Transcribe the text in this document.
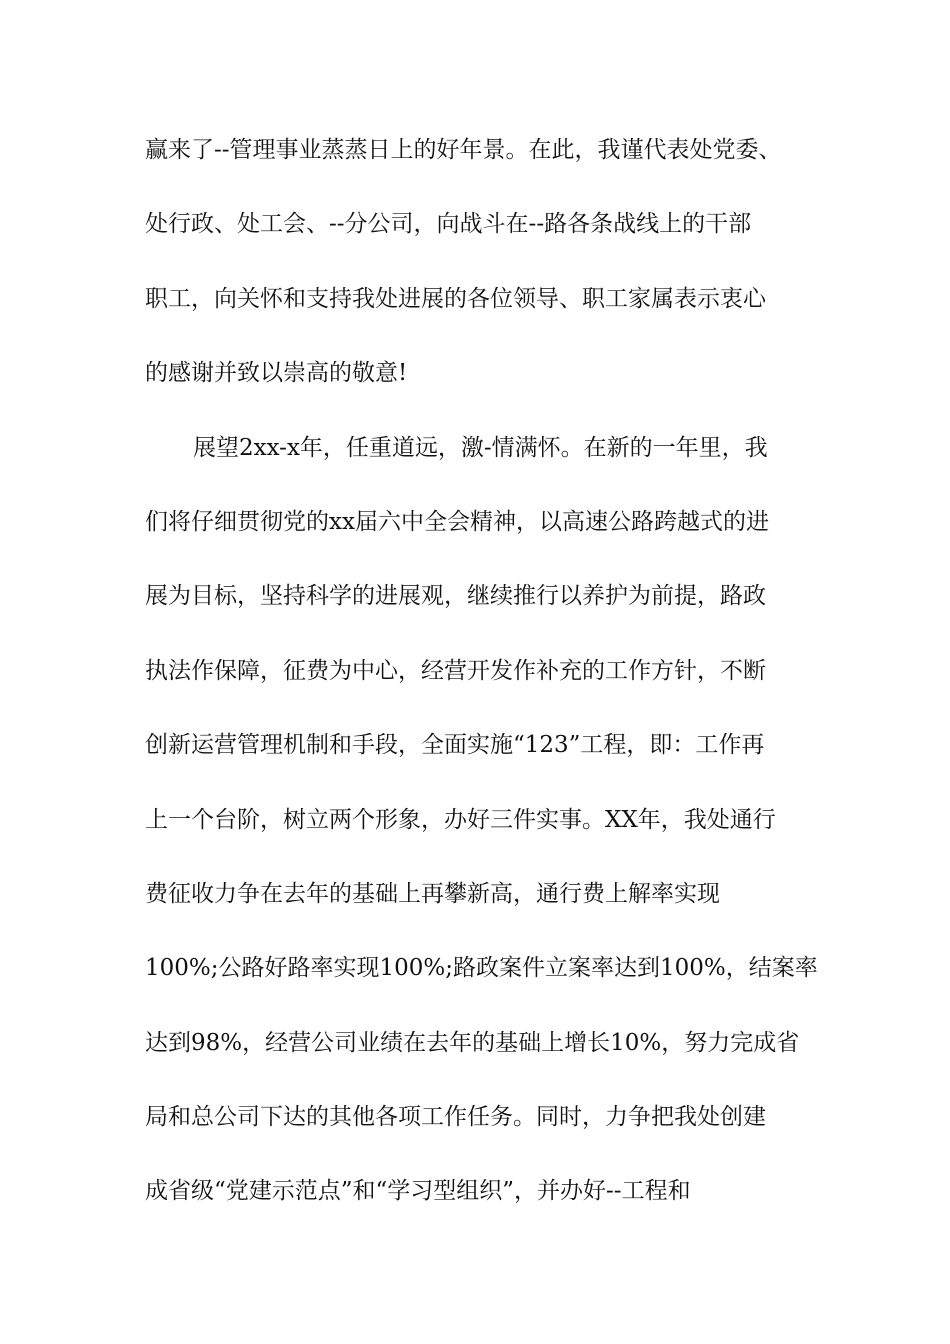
赢来了--管理事业蒸蒸日上的好年景。在此，我谨代表处党委、
处行政、处工会、--分公司，向战斗在--路各条战线上的干部
职工，向关怀和支持我处进展的各位领导、职工家属表示衷心
的感谢并致以崇高的敬意!
展望2xx-x年，任重道远，激-情满怀。在新的一年里，我
们将仔细贯彻党的xx届六中全会精神，以高速公路跨越式的进
展为目标，坚持科学的进展观，继续推行以养护为前提，路政
执法作保障，征费为中心，经营开发作补充的工作方针，不断
创新运营管理机制和手段，全面实施“123”工程，即：工作再
上一个台阶，树立两个形象，办好三件实事。XX年，我处通行
费征收力争在去年的基础上再攀新高，通行费上解率实现
100%;公路好路率实现100%;路政案件立案率达到100%，结案率
达到98%，经营公司业绩在去年的基础上增长10%，努力完成省
局和总公司下达的其他各项工作任务。同时，力争把我处创建
成省级“党建示范点”和“学习型组织”，并办好--工程和
